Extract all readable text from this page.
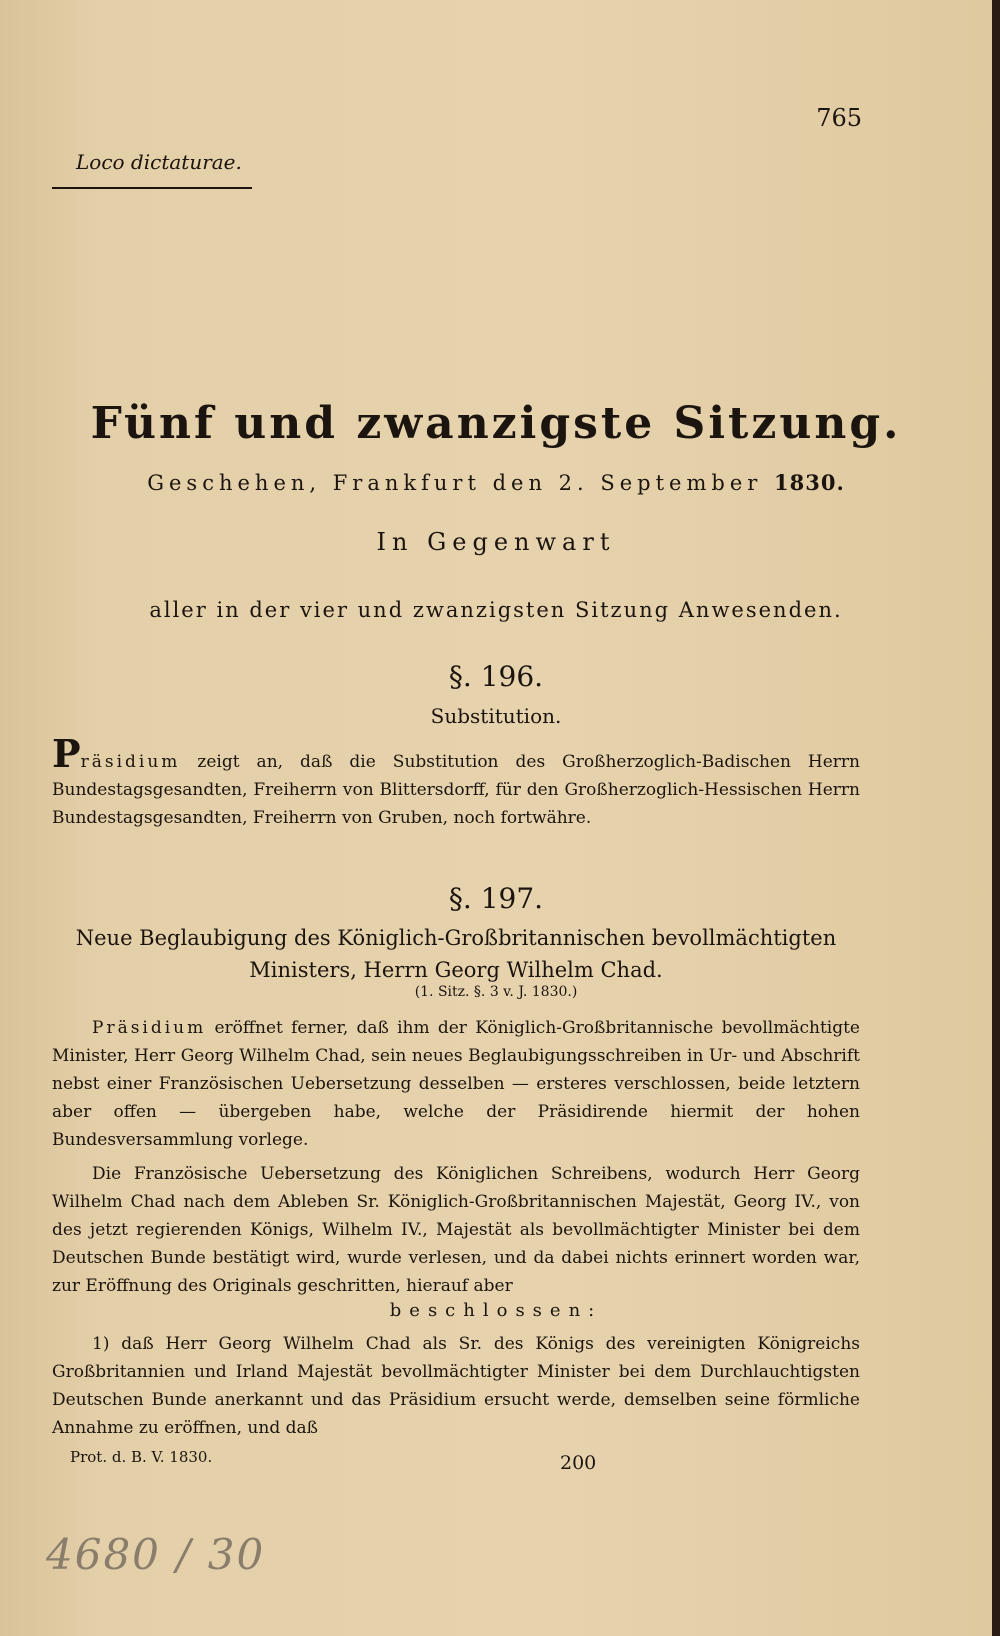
765
Loco dictaturae.
Fünf und zwanzigste Sitzung.
Geschehen, Frankfurt den 2. September 1830.
In Gegenwart
aller in der vier und zwanzigsten Sitzung Anwesenden.
§. 196.
Substitution.
Präsidium zeigt an, daß die Substitution des Großherzoglich-Badischen Herrn Bundestagsgesandten, Freiherrn von Blittersdorff, für den Großherzoglich-Hessischen Herrn Bundestagsgesandten, Freiherrn von Gruben, noch fortwähre.
§. 197.
Neue Beglaubigung des Königlich-Großbritannischen bevollmächtigten Ministers, Herrn Georg Wilhelm Chad.
(1. Sitz. §. 3 v. J. 1830.)
Präsidium eröffnet ferner, daß ihm der Königlich-Großbritannische bevollmächtigte Minister, Herr Georg Wilhelm Chad, sein neues Beglaubigungsschreiben in Ur- und Abschrift nebst einer Französischen Uebersetzung desselben — ersteres verschlossen, beide letztern aber offen — übergeben habe, welche der Präsidirende hiermit der hohen Bundesversammlung vorlege.
Die Französische Uebersetzung des Königlichen Schreibens, wodurch Herr Georg Wilhelm Chad nach dem Ableben Sr. Königlich-Großbritannischen Majestät, Georg IV., von des jetzt regierenden Königs, Wilhelm IV., Majestät als bevollmächtigter Minister bei dem Deutschen Bunde bestätigt wird, wurde verlesen, und da dabei nichts erinnert worden war, zur Eröffnung des Originals geschritten, hierauf aber
beschlossen:
1) daß Herr Georg Wilhelm Chad als Sr. des Königs des vereinigten Königreichs Großbritannien und Irland Majestät bevollmächtigter Minister bei dem Durchlauchtigsten Deutschen Bunde anerkannt und das Präsidium ersucht werde, demselben seine förmliche Annahme zu eröffnen, und daß
Prot. d. B. V. 1830.	200
4680 / 30
